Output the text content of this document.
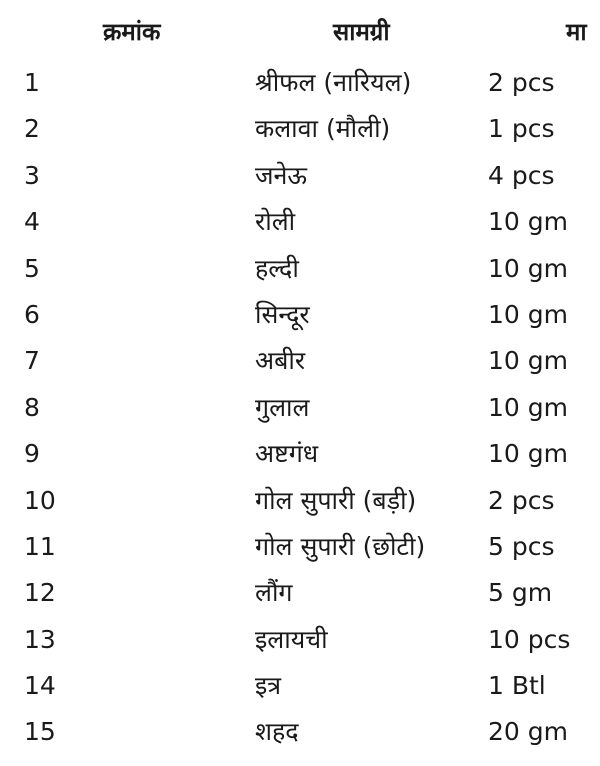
क्रमांक	सामग्री	मा
1	श्रीफल (नारियल)	2 pcs
2	कलावा (मौली)	1 pcs
3	जनेऊ	4 pcs
4	रोली	10 gm
5	हल्दी	10 gm
6	सिन्दूर	10 gm
7	अबीर	10 gm
8	गुलाल	10 gm
9	अष्टगंध	10 gm
10	गोल सुपारी (बड़ी)	2 pcs
11	गोल सुपारी (छोटी)	5 pcs
12	लौंग	5 gm
13	इलायची	10 pcs
14	इत्र	1 Btl
15	शहद	20 gm
